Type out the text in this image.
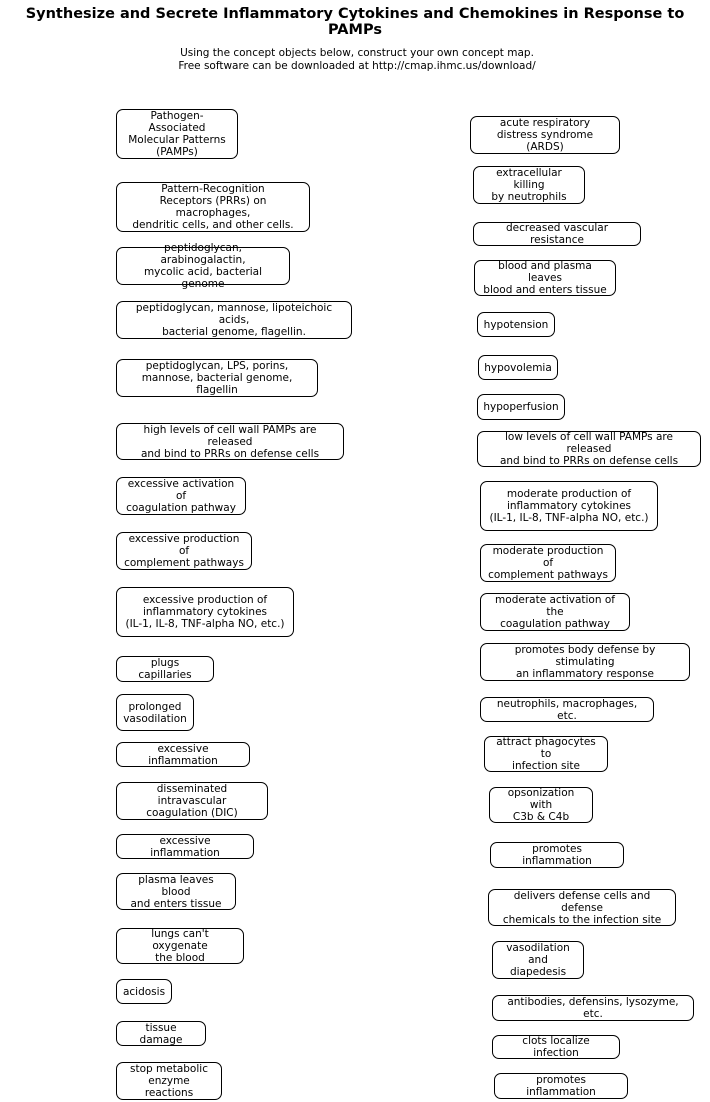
Synthesize and Secrete Inflammatory Cytokines and Chemokines in Response to PAMPs
Using the concept objects below, construct your own concept map.
Free software can be downloaded at http://cmap.ihmc.us/download/
Pathogen-Associated
Molecular Patterns
(PAMPs)
Pattern-Recognition
Receptors (PRRs) on macrophages,
dendritic cells, and other cells.
peptidoglycan, arabinogalactin,
mycolic acid, bacterial genome
peptidoglycan, mannose, lipoteichoic acids,
bacterial genome, flagellin.
peptidoglycan, LPS, porins,
mannose, bacterial genome, flagellin
high levels of cell wall PAMPs are released
and bind to PRRs on defense cells
excessive activation of
coagulation pathway
excessive production of
complement pathways
excessive production of
inflammatory cytokines
(IL-1, IL-8, TNF-alpha NO, etc.)
plugs capillaries
prolonged
vasodilation
excessive inflammation
disseminated intravascular
coagulation (DIC)
excessive inflammation
plasma leaves blood
and enters tissue
lungs can't oxygenate
the blood
acidosis
tissue damage
stop metabolic
enzyme reactions
acute respiratory
distress syndrome (ARDS)
extracellular killing
by neutrophils
decreased vascular resistance
blood and plasma leaves
blood and enters tissue
hypotension
hypovolemia
hypoperfusion
low levels of cell wall PAMPs are released
and bind to PRRs on defense cells
moderate production of
inflammatory cytokines
(IL-1, IL-8, TNF-alpha NO, etc.)
moderate production of
complement pathways
moderate activation of the
coagulation pathway
promotes body defense by stimulating
an inflammatory response
neutrophils, macrophages, etc.
attract phagocytes to
infection site
opsonization with
C3b & C4b
promotes inflammation
delivers defense cells and defense
chemicals to the infection site
vasodilation
and diapedesis
antibodies, defensins, lysozyme, etc.
clots localize infection
promotes inflammation
